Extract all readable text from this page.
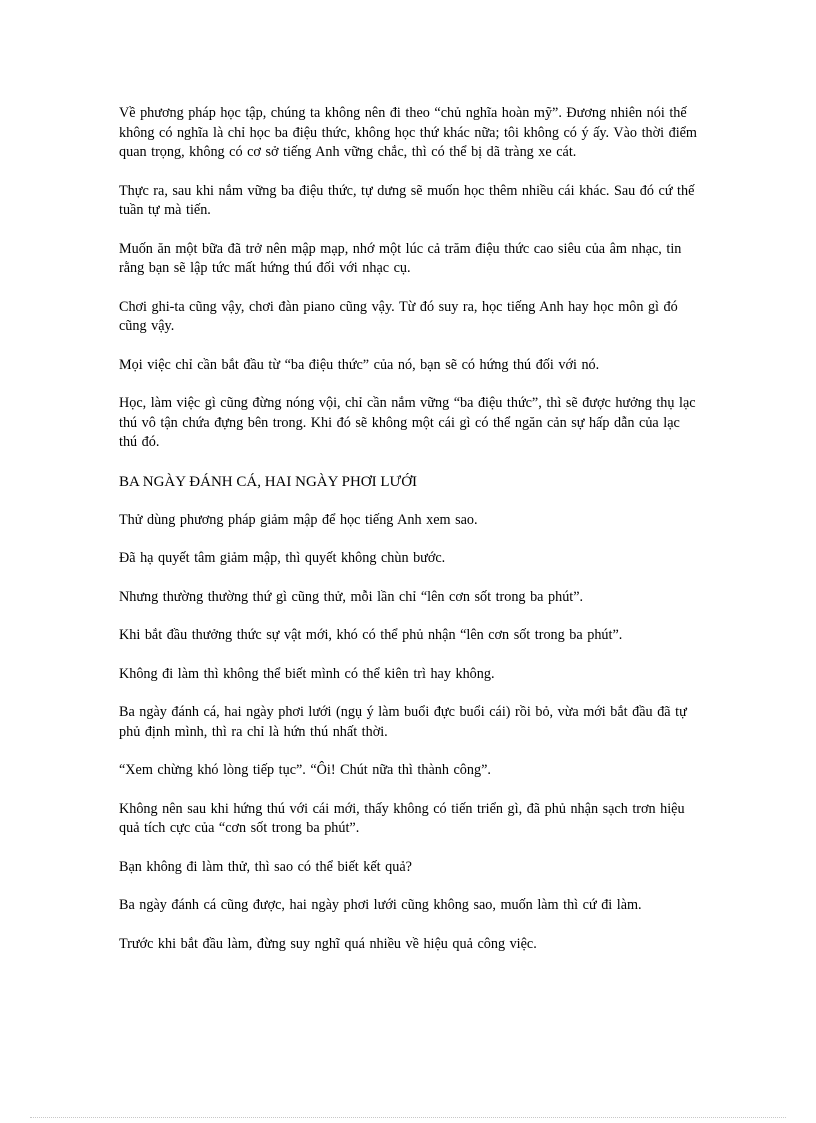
Về phương pháp học tập, chúng ta không nên đi theo “chủ nghĩa hoàn mỹ”. Đương nhiên nói thế không có nghĩa là chỉ học ba điệu thức, không học thứ khác nữa; tôi không có ý ấy. Vào thời điểm quan trọng, không có cơ sở tiếng Anh vững chắc, thì có thể bị dã tràng xe cát.

Thực ra, sau khi nắm vững ba điệu thức, tự dưng sẽ muốn học thêm nhiều cái khác. Sau đó cứ thế tuần tự mà tiến.

Muốn ăn một bữa đã trở nên mập mạp, nhớ một lúc cả trăm điệu thức cao siêu của âm nhạc, tin rằng bạn sẽ lập tức mất hứng thú đối với nhạc cụ.

Chơi ghi-ta cũng vậy, chơi đàn piano cũng vậy. Từ đó suy ra, học tiếng Anh hay học môn gì đó cũng vậy.

Mọi việc chỉ cần bắt đầu từ “ba điệu thức” của nó, bạn sẽ có hứng thú đối với nó.

Học, làm việc gì cũng đừng nóng vội, chỉ cần nắm vững “ba điệu thức”, thì sẽ được hưởng thụ lạc thú vô tận chứa đựng bên trong. Khi đó sẽ không một cái gì có thể ngăn cản sự hấp dẫn của lạc thú đó.

BA NGÀY ĐÁNH CÁ, HAI NGÀY PHƠI LƯỚI

Thử dùng phương pháp giảm mập để học tiếng Anh xem sao.

Đã hạ quyết tâm giảm mập, thì quyết không chùn bước.

Nhưng thường thường thứ gì cũng thử, mỗi lần chỉ “lên cơn sốt trong ba phút”.

Khi bắt đầu thưởng thức sự vật mới, khó có thể phủ nhận “lên cơn sốt trong ba phút”.

Không đi làm thì không thể biết mình có thể kiên trì hay không.

Ba ngày đánh cá, hai ngày phơi lưới (ngụ ý làm buổi đực buổi cái) rồi bỏ, vừa mới bắt đầu đã tự phủ định mình, thì ra chỉ là hứn thú nhất thời.

“Xem chừng khó lòng tiếp tục”. “Ôi! Chút nữa thì thành công”.

Không nên sau khi hứng thú với cái mới, thấy không có tiến triển gì, đã phủ nhận sạch trơn hiệu quả tích cực của “cơn sốt trong ba phút”.

Bạn không đi làm thử, thì sao có thể biết kết quả?

Ba ngày đánh cá cũng được, hai ngày phơi lưới cũng không sao, muốn làm thì cứ đi làm.

Trước khi bắt đầu làm, đừng suy nghĩ quá nhiều về hiệu quả công việc.
